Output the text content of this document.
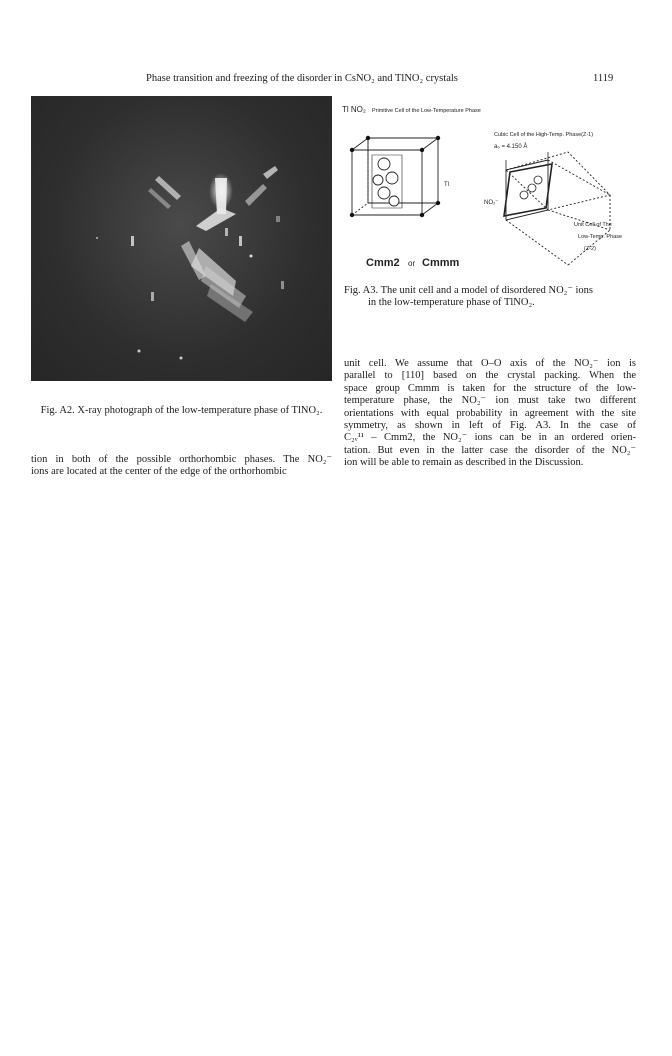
Phase transition and freezing of the disorder in CsNO₂ and TlNO₂ crystals	1119
Fig. A2. X-ray photograph of the low-temperature phase of TlNO₂.

tion in both of the possible orthorhombic phases. The NO₂⁻

ions are located at the center of the edge of the orthorhombic

Tl NO₂ Primitive Cell of the Low-Temperature Phase
Cubic Cell of the High-Temp. Phase(Z-1)
a₀ = 4.150 Å
Tl
NO₂⁻
Unit Cell of The
Low-Temp. Phase
(Z-2)
Cmm2 or Cmmm
Fig. A3. The unit cell and a model of disordered NO₂⁻ ions
in the low-temperature phase of TlNO₂.

unit cell. We assume that O–O axis of the NO₂⁻ ion is

parallel to [110] based on the crystal packing. When the

space group Cmmm is taken for the structure of the low-

temperature phase, the NO₂⁻ ion must take two different

orientations with equal probability in agreement with the site

symmetry, as shown in left of Fig. A3. In the case of

C₂ᵥ¹¹ – Cmm2, the NO₂⁻ ions can be in an ordered orien-

tation. But even in the latter case the disorder of the NO₂⁻

ion will be able to remain as described in the Discussion.
